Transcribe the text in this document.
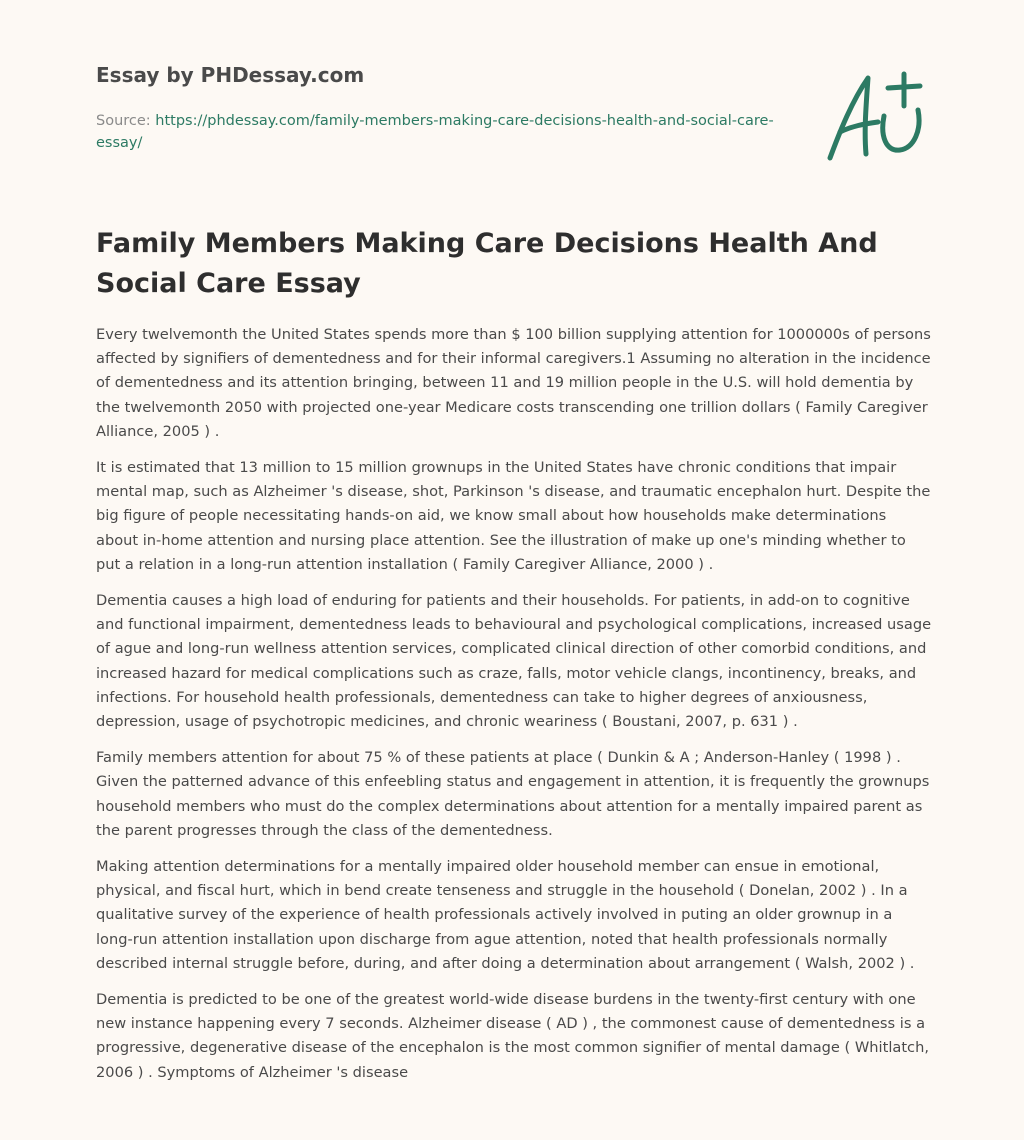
Essay by PHDessay.com
Source: https://phdessay.com/family-members-making-care-decisions-health-and-social-care-essay/
Family Members Making Care Decisions Health And Social Care Essay

Every twelvemonth the United States spends more than $ 100 billion supplying attention for 1000000s of persons affected by signifiers of dementedness and for their informal caregivers.1 Assuming no alteration in the incidence of dementedness and its attention bringing, between 11 and 19 million people in the U.S. will hold dementia by the twelvemonth 2050 with projected one-year Medicare costs transcending one trillion dollars ( Family Caregiver Alliance, 2005 ) .

It is estimated that 13 million to 15 million grownups in the United States have chronic conditions that impair mental map, such as Alzheimer 's disease, shot, Parkinson 's disease, and traumatic encephalon hurt. Despite the big figure of people necessitating hands-on aid, we know small about how households make determinations about in-home attention and nursing place attention. See the illustration of make up one's minding whether to put a relation in a long-run attention installation ( Family Caregiver Alliance, 2000 ) .

Dementia causes a high load of enduring for patients and their households. For patients, in add-on to cognitive and functional impairment, dementedness leads to behavioural and psychological complications, increased usage of ague and long-run wellness attention services, complicated clinical direction of other comorbid conditions, and increased hazard for medical complications such as craze, falls, motor vehicle clangs, incontinency, breaks, and infections. For household health professionals, dementedness can take to higher degrees of anxiousness, depression, usage of psychotropic medicines, and chronic weariness ( Boustani, 2007, p. 631 ) .

Family members attention for about 75 % of these patients at place ( Dunkin & A ; Anderson-Hanley ( 1998 ) . Given the patterned advance of this enfeebling status and engagement in attention, it is frequently the grownups household members who must do the complex determinations about attention for a mentally impaired parent as the parent progresses through the class of the dementedness.

Making attention determinations for a mentally impaired older household member can ensue in emotional, physical, and fiscal hurt, which in bend create tenseness and struggle in the household ( Donelan, 2002 ) . In a qualitative survey of the experience of health professionals actively involved in puting an older grownup in a long-run attention installation upon discharge from ague attention, noted that health professionals normally described internal struggle before, during, and after doing a determination about arrangement ( Walsh, 2002 ) .

Dementia is predicted to be one of the greatest world-wide disease burdens in the twenty-first century with one new instance happening every 7 seconds. Alzheimer disease ( AD ) , the commonest cause of dementedness is a progressive, degenerative disease of the encephalon is the most common signifier of mental damage ( Whitlatch, 2006 ) . Symptoms of Alzheimer 's disease
